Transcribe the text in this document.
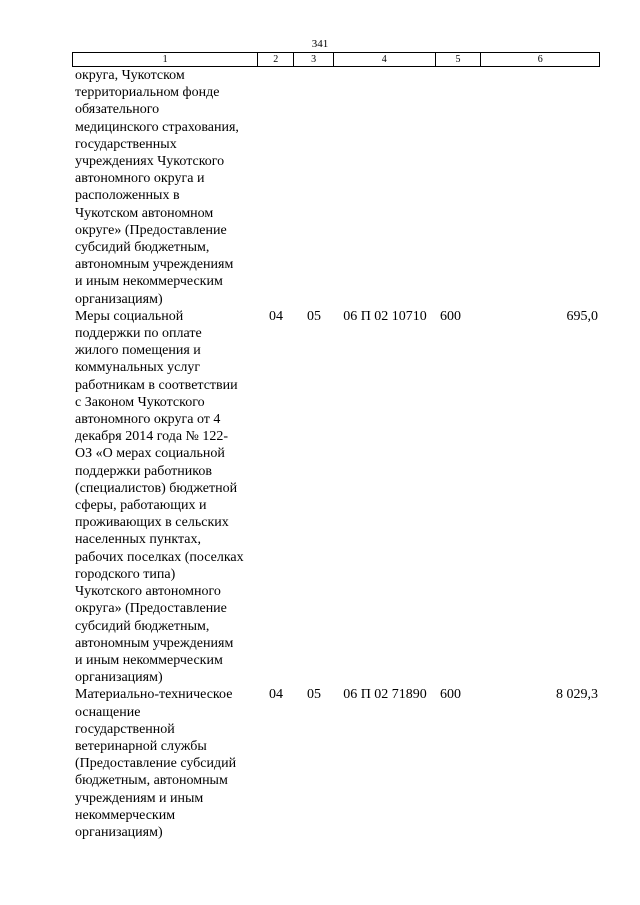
341
1	2	3	4	5	6
округа, Чукотском
территориальном фонде
обязательного
медицинского страхования,
государственных
учреждениях Чукотского
автономного округа и
расположенных в
Чукотском автономном
округе» (Предоставление
субсидий бюджетным,
автономным учреждениям
и иным некоммерческим
организациям)
Меры социальной
поддержки по оплате
жилого помещения и
коммунальных услуг
работникам в соответствии
с Законом Чукотского
автономного округа от 4
декабря 2014 года № 122-
ОЗ «О мерах социальной
поддержки работников
(специалистов) бюджетной
сферы, работающих и
проживающих в сельских
населенных пунктах,
рабочих поселках (поселках
городского типа)
Чукотского автономного
округа» (Предоставление
субсидий бюджетным,
автономным учреждениям
и иным некоммерческим
организациям)
04	05	06 П 02 10710 600	695,0
Материально-техническое
оснащение
государственной
ветеринарной службы
(Предоставление субсидий
бюджетным, автономным
учреждениям и иным
некоммерческим
организациям)
04	05	06 П 02 71890 600	8 029,3
